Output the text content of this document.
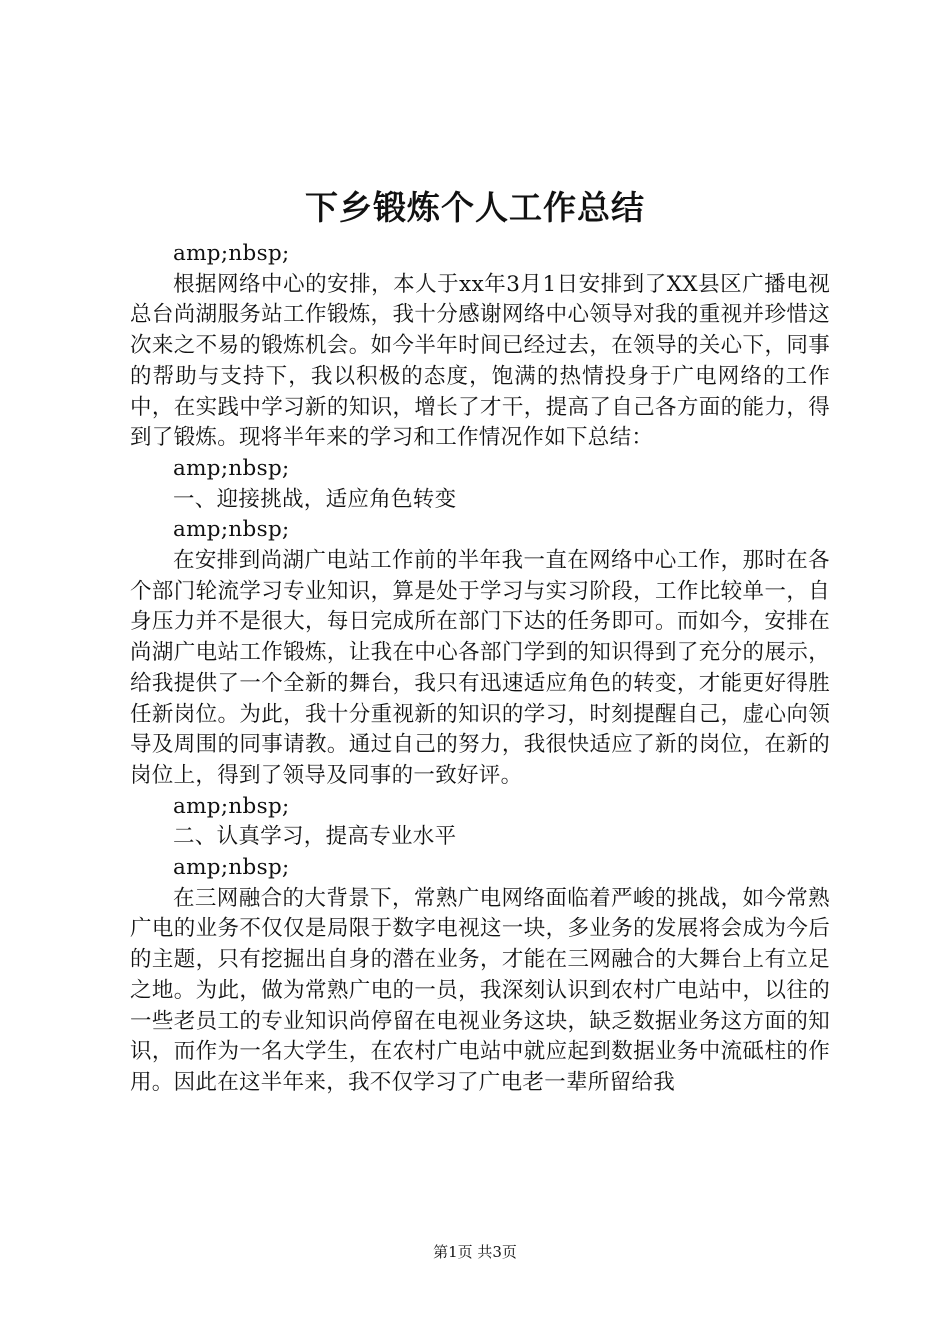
下乡锻炼个人工作总结

amp;nbsp;

根据网络中心的安排，本人于xx年3月1日安排到了XX县区广播电视总台尚湖服务站工作锻炼，我十分感谢网络中心领导对我的重视并珍惜这次来之不易的锻炼机会。如今半年时间已经过去，在领导的关心下，同事的帮助与支持下，我以积极的态度，饱满的热情投身于广电网络的工作中，在实践中学习新的知识，增长了才干，提高了自己各方面的能力，得到了锻炼。现将半年来的学习和工作情况作如下总结：

amp;nbsp;

一、迎接挑战，适应角色转变

amp;nbsp;

在安排到尚湖广电站工作前的半年我一直在网络中心工作，那时在各个部门轮流学习专业知识，算是处于学习与实习阶段，工作比较单一，自身压力并不是很大，每日完成所在部门下达的任务即可。而如今，安排在尚湖广电站工作锻炼，让我在中心各部门学到的知识得到了充分的展示，给我提供了一个全新的舞台，我只有迅速适应角色的转变，才能更好得胜任新岗位。为此，我十分重视新的知识的学习，时刻提醒自己，虚心向领导及周围的同事请教。通过自己的努力，我很快适应了新的岗位，在新的岗位上，得到了领导及同事的一致好评。

amp;nbsp;

二、认真学习，提高专业水平

amp;nbsp;

在三网融合的大背景下，常熟广电网络面临着严峻的挑战，如今常熟广电的业务不仅仅是局限于数字电视这一块，多业务的发展将会成为今后的主题，只有挖掘出自身的潜在业务，才能在三网融合的大舞台上有立足之地。为此，做为常熟广电的一员，我深刻认识到农村广电站中，以往的一些老员工的专业知识尚停留在电视业务这块，缺乏数据业务这方面的知识，而作为一名大学生，在农村广电站中就应起到数据业务中流砥柱的作用。因此在这半年来，我不仅学习了广电老一辈所留给我

第1页 共3页
